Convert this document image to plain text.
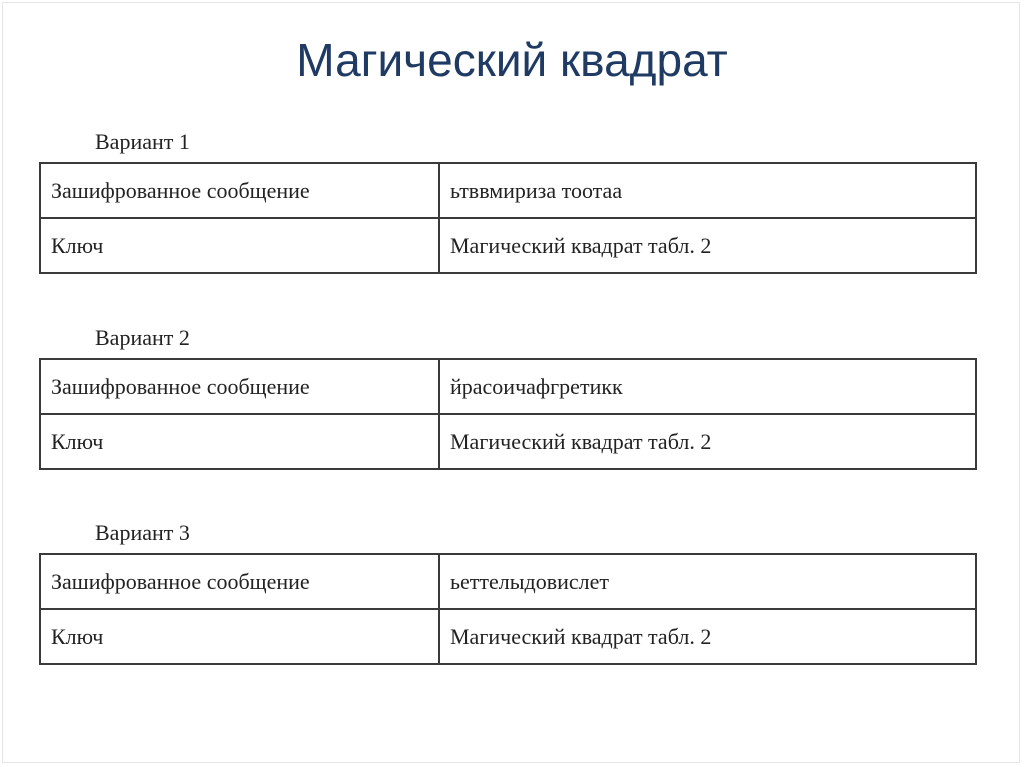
Магический квадрат
Вариант 1
Зашифрованное сообщение	ьтввмириза тоотаа
Ключ	Магический квадрат табл. 2
Вариант 2
Зашифрованное сообщение	йрасоичафгретикк
Ключ	Магический квадрат табл. 2
Вариант 3
Зашифрованное сообщение	ьеттелыдовислет
Ключ	Магический квадрат табл. 2
